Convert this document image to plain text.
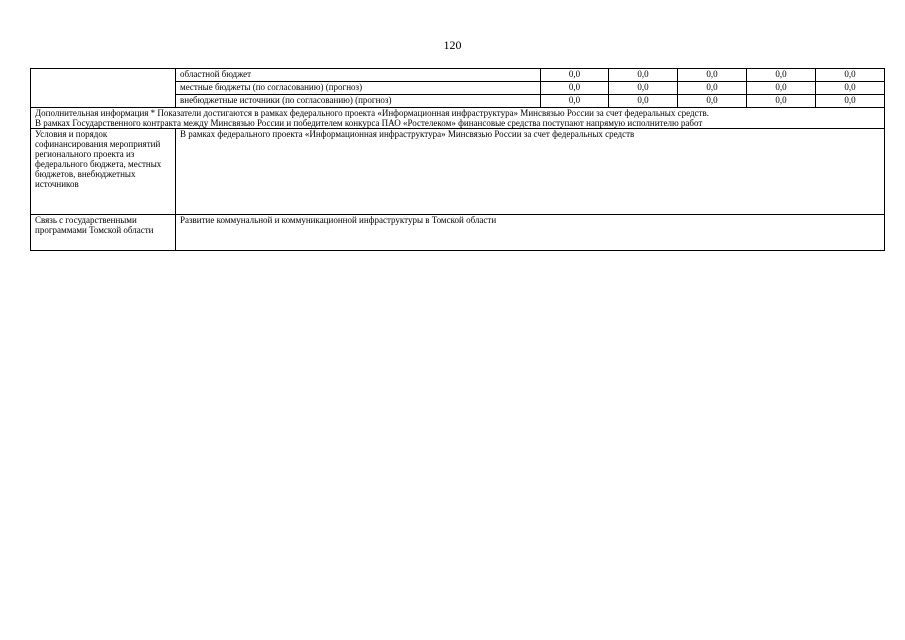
120
	областной бюджет	0,0	0,0	0,0	0,0	0,0
	местные бюджеты (по согласованию) (прогноз)	0,0	0,0	0,0	0,0	0,0
	внебюджетные источники (по согласованию) (прогноз)	0,0	0,0	0,0	0,0	0,0

Дополнительная информация * Показатели достигаются в рамках федерального проекта «Информационная инфраструктура» Минсвязью России за счет федеральных средств.
В рамках Государственного контракта между Минсвязью России и победителем конкурса ПАО «Ростелеком» финансовые средства поступают напрямую исполнителю работ						

Условия и порядок софинансирования мероприятий регионального проекта из федерального бюджета, местных бюджетов, внебюджетных источников	В рамках федерального проекта «Информационная инфраструктура» Минсвязью России за счет федеральных средств					
Связь с государственными программами Томской области	Развитие коммунальной и коммуникационной инфраструктуры в Томской области					
